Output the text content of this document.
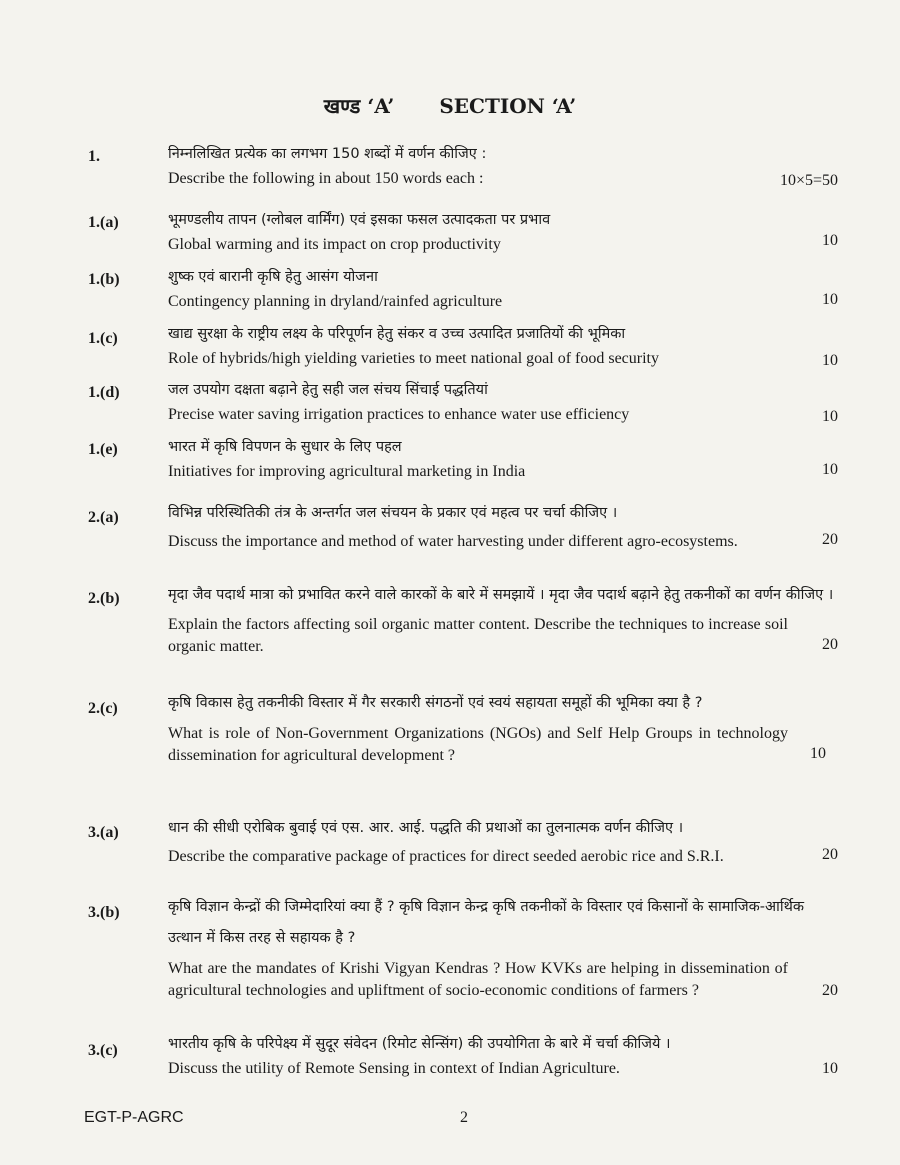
खण्ड ‘A’ SECTION ‘A’
1.	निम्नलिखित प्रत्येक का लगभग 150 शब्दों में वर्णन कीजिए :

Describe the following in about 150 words each :	10×5=50
1.(a)	भूमण्डलीय तापन (ग्लोबल वार्मिंग) एवं इसका फसल उत्पादकता पर प्रभाव

Global warming and its impact on crop productivity	10
1.(b)	शुष्क एवं बारानी कृषि हेतु आसंग योजना

Contingency planning in dryland/rainfed agriculture	10
1.(c)	खाद्य सुरक्षा के राष्ट्रीय लक्ष्य के परिपूर्णन हेतु संकर व उच्च उत्पादित प्रजातियों की भूमिका

Role of hybrids/high yielding varieties to meet national goal of food security	10
1.(d)	जल उपयोग दक्षता बढ़ाने हेतु सही जल संचय सिंचाई पद्धतियां

Precise water saving irrigation practices to enhance water use efficiency	10
1.(e)	भारत में कृषि विपणन के सुधार के लिए पहल

Initiatives for improving agricultural marketing in India	10
2.(a)	विभिन्न परिस्थितिकी तंत्र के अन्तर्गत जल संचयन के प्रकार एवं महत्व पर चर्चा कीजिए ।

Discuss the importance and method of water harvesting under different agro-ecosystems.	20
2.(b)	मृदा जैव पदार्थ मात्रा को प्रभावित करने वाले कारकों के बारे में समझायें । मृदा जैव पदार्थ बढ़ाने हेतु तकनीकों का वर्णन कीजिए ।

Explain the factors affecting soil organic matter content. Describe the techniques to increase soil organic matter.	20
2.(c)	कृषि विकास हेतु तकनीकी विस्तार में गैर सरकारी संगठनों एवं स्वयं सहायता समूहों की भूमिका क्या है ?

What is role of Non-Government Organizations (NGOs) and Self Help Groups in technology dissemination for agricultural development ?	10
3.(a)	धान की सीधी एरोबिक बुवाई एवं एस. आर. आई. पद्धति की प्रथाओं का तुलनात्मक वर्णन कीजिए ।

Describe the comparative package of practices for direct seeded aerobic rice and S.R.I.	20
3.(b)	कृषि विज्ञान केन्द्रों की जिम्मेदारियां क्या हैं ? कृषि विज्ञान केन्द्र कृषि तकनीकों के विस्तार एवं किसानों के सामाजिक-आर्थिक उत्थान में किस तरह से सहायक है ?

What are the mandates of Krishi Vigyan Kendras ? How KVKs are helping in dissemination of agricultural technologies and upliftment of socio-economic conditions of farmers ?	20
3.(c)	भारतीय कृषि के परिपेक्ष्य में सुदूर संवेदन (रिमोट सेन्सिंग) की उपयोगिता के बारे में चर्चा कीजिये ।

Discuss the utility of Remote Sensing in context of Indian Agriculture.	10
EGT-P-AGRC	2
